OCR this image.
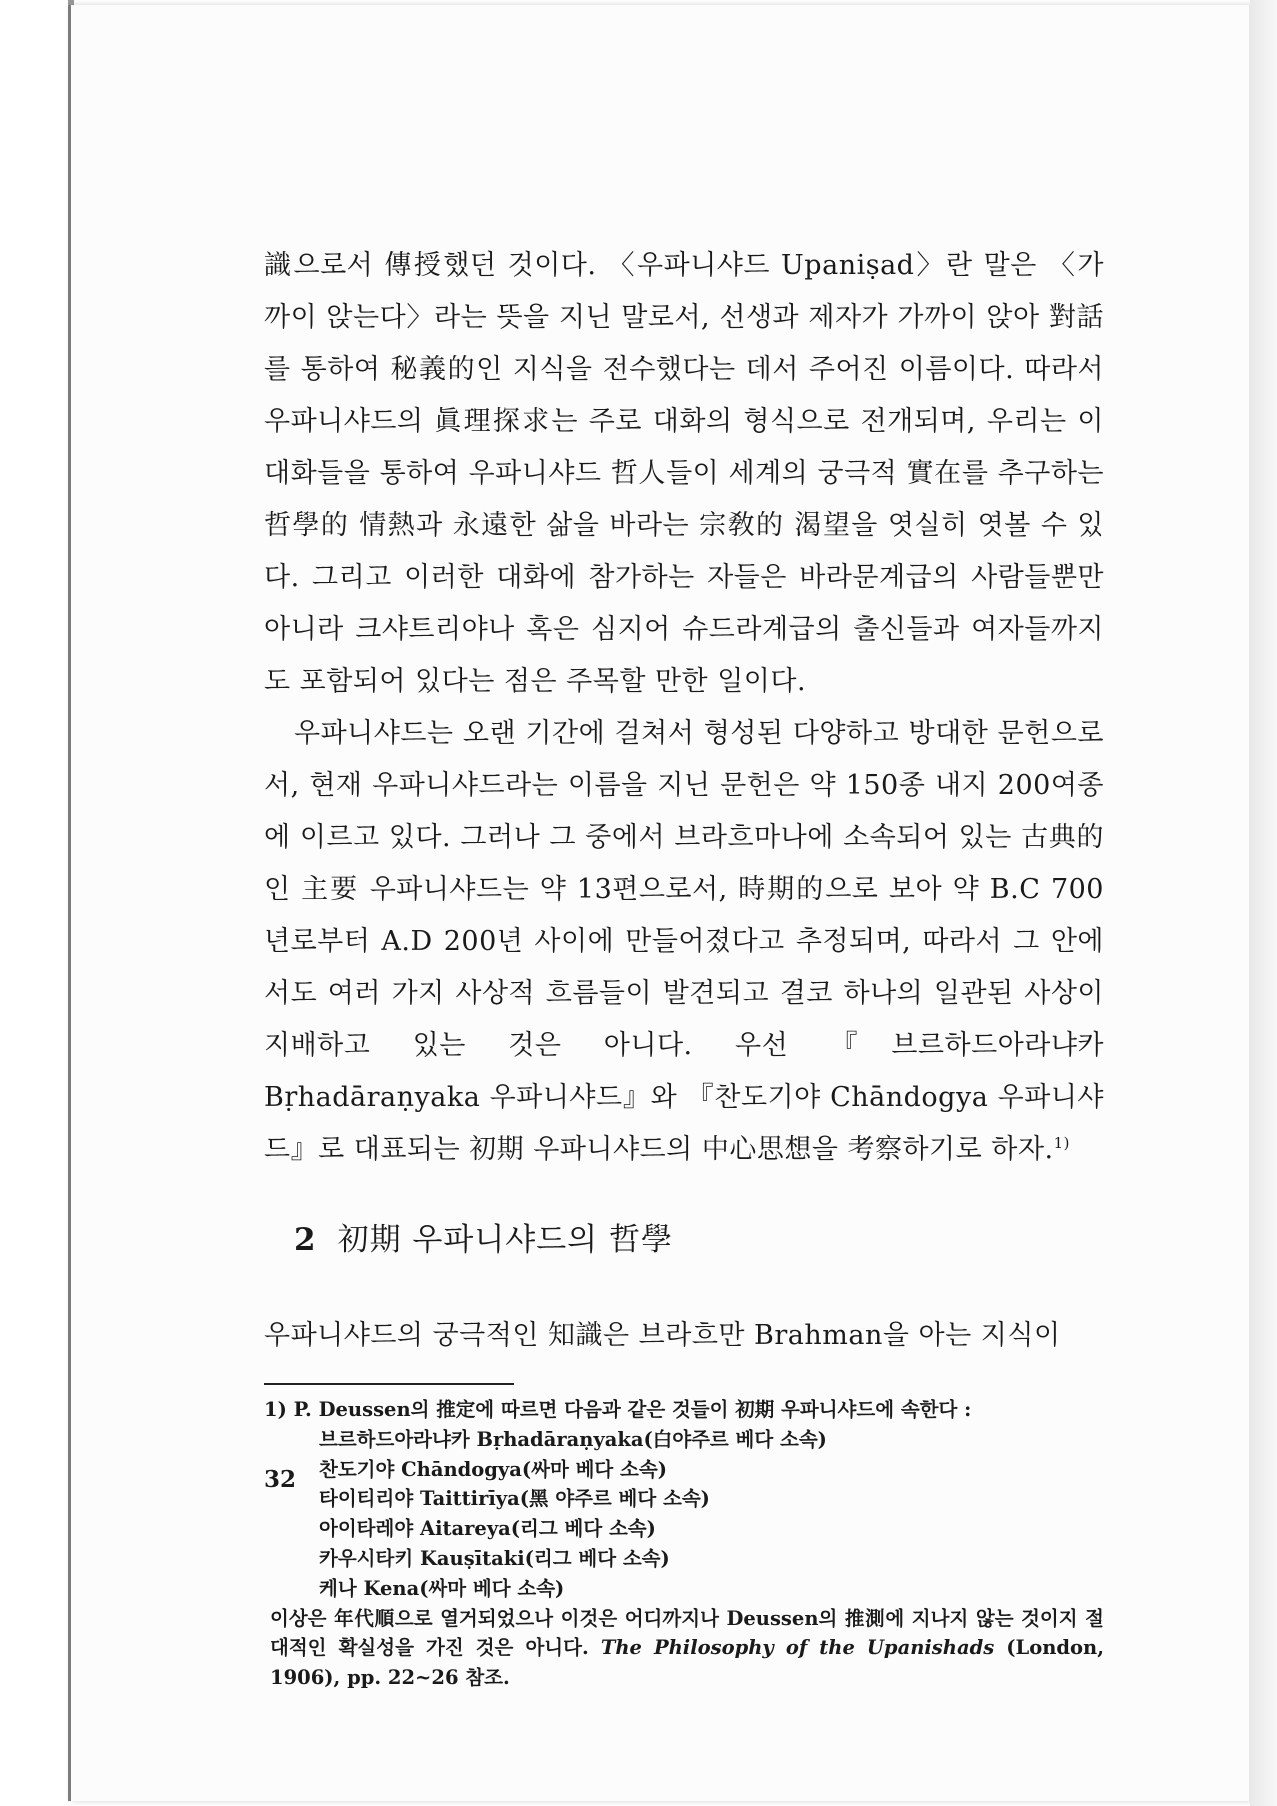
識으로서 傳授했던 것이다. 〈우파니샤드 Upaniṣad〉란 말은 〈가까이 앉는다〉라는 뜻을 지닌 말로서, 선생과 제자가 가까이 앉아 對話를 통하여 秘義的인 지식을 전수했다는 데서 주어진 이름이다. 따라서 우파니샤드의 眞理探求는 주로 대화의 형식으로 전개되며, 우리는 이 대화들을 통하여 우파니샤드 哲人들이 세계의 궁극적 實在를 추구하는 哲學的 情熱과 永遠한 삶을 바라는 宗敎的 渴望을 엿실히 엿볼 수 있다. 그리고 이러한 대화에 참가하는 자들은 바라문계급의 사람들뿐만 아니라 크샤트리야나 혹은 심지어 슈드라계급의 출신들과 여자들까지도 포함되어 있다는 점은 주목할 만한 일이다.

우파니샤드는 오랜 기간에 걸쳐서 형성된 다양하고 방대한 문헌으로서, 현재 우파니샤드라는 이름을 지닌 문헌은 약 150종 내지 200여종에 이르고 있다. 그러나 그 중에서 브라흐마나에 소속되어 있는 古典的인 主要 우파니샤드는 약 13편으로서, 時期的으로 보아 약 B.C 700년로부터 A.D 200년 사이에 만들어졌다고 추정되며, 따라서 그 안에서도 여러 가지 사상적 흐름들이 발견되고 결코 하나의 일관된 사상이 지배하고 있는 것은 아니다. 우선 『브르하드아라냐카 Bṛhadāraṇyaka 우파니샤드』와 『찬도기야 Chāndogya 우파니샤드』로 대표되는 初期 우파니샤드의 中心思想을 考察하기로 하자.$^{1)}$

2 初期 우파니샤드의 哲學

우파니샤드의 궁극적인 知識은 브라흐만 Brahman을 아는 지식이

1) P. Deussen의 推定에 따르면 다음과 같은 것들이 初期 우파니샤드에 속한다 :

브르하드아라냐카 Bṛhadāraṇyaka(白야주르 베다 소속)
찬도기야 Chāndogya(싸마 베다 소속)
타이티리야 Taittirīya(黑 야주르 베다 소속)
아이타레야 Aitareya(리그 베다 소속)
카우시타키 Kauṣītaki(리그 베다 소속)
케나 Kena(싸마 베다 소속)

이상은 年代順으로 열거되었으나 이것은 어디까지나 Deussen의 推測에 지나지 않는 것이지 절대적인 확실성을 가진 것은 아니다. The Philosophy of the Upanishads (London, 1906), pp. 22~26 참조.

32
